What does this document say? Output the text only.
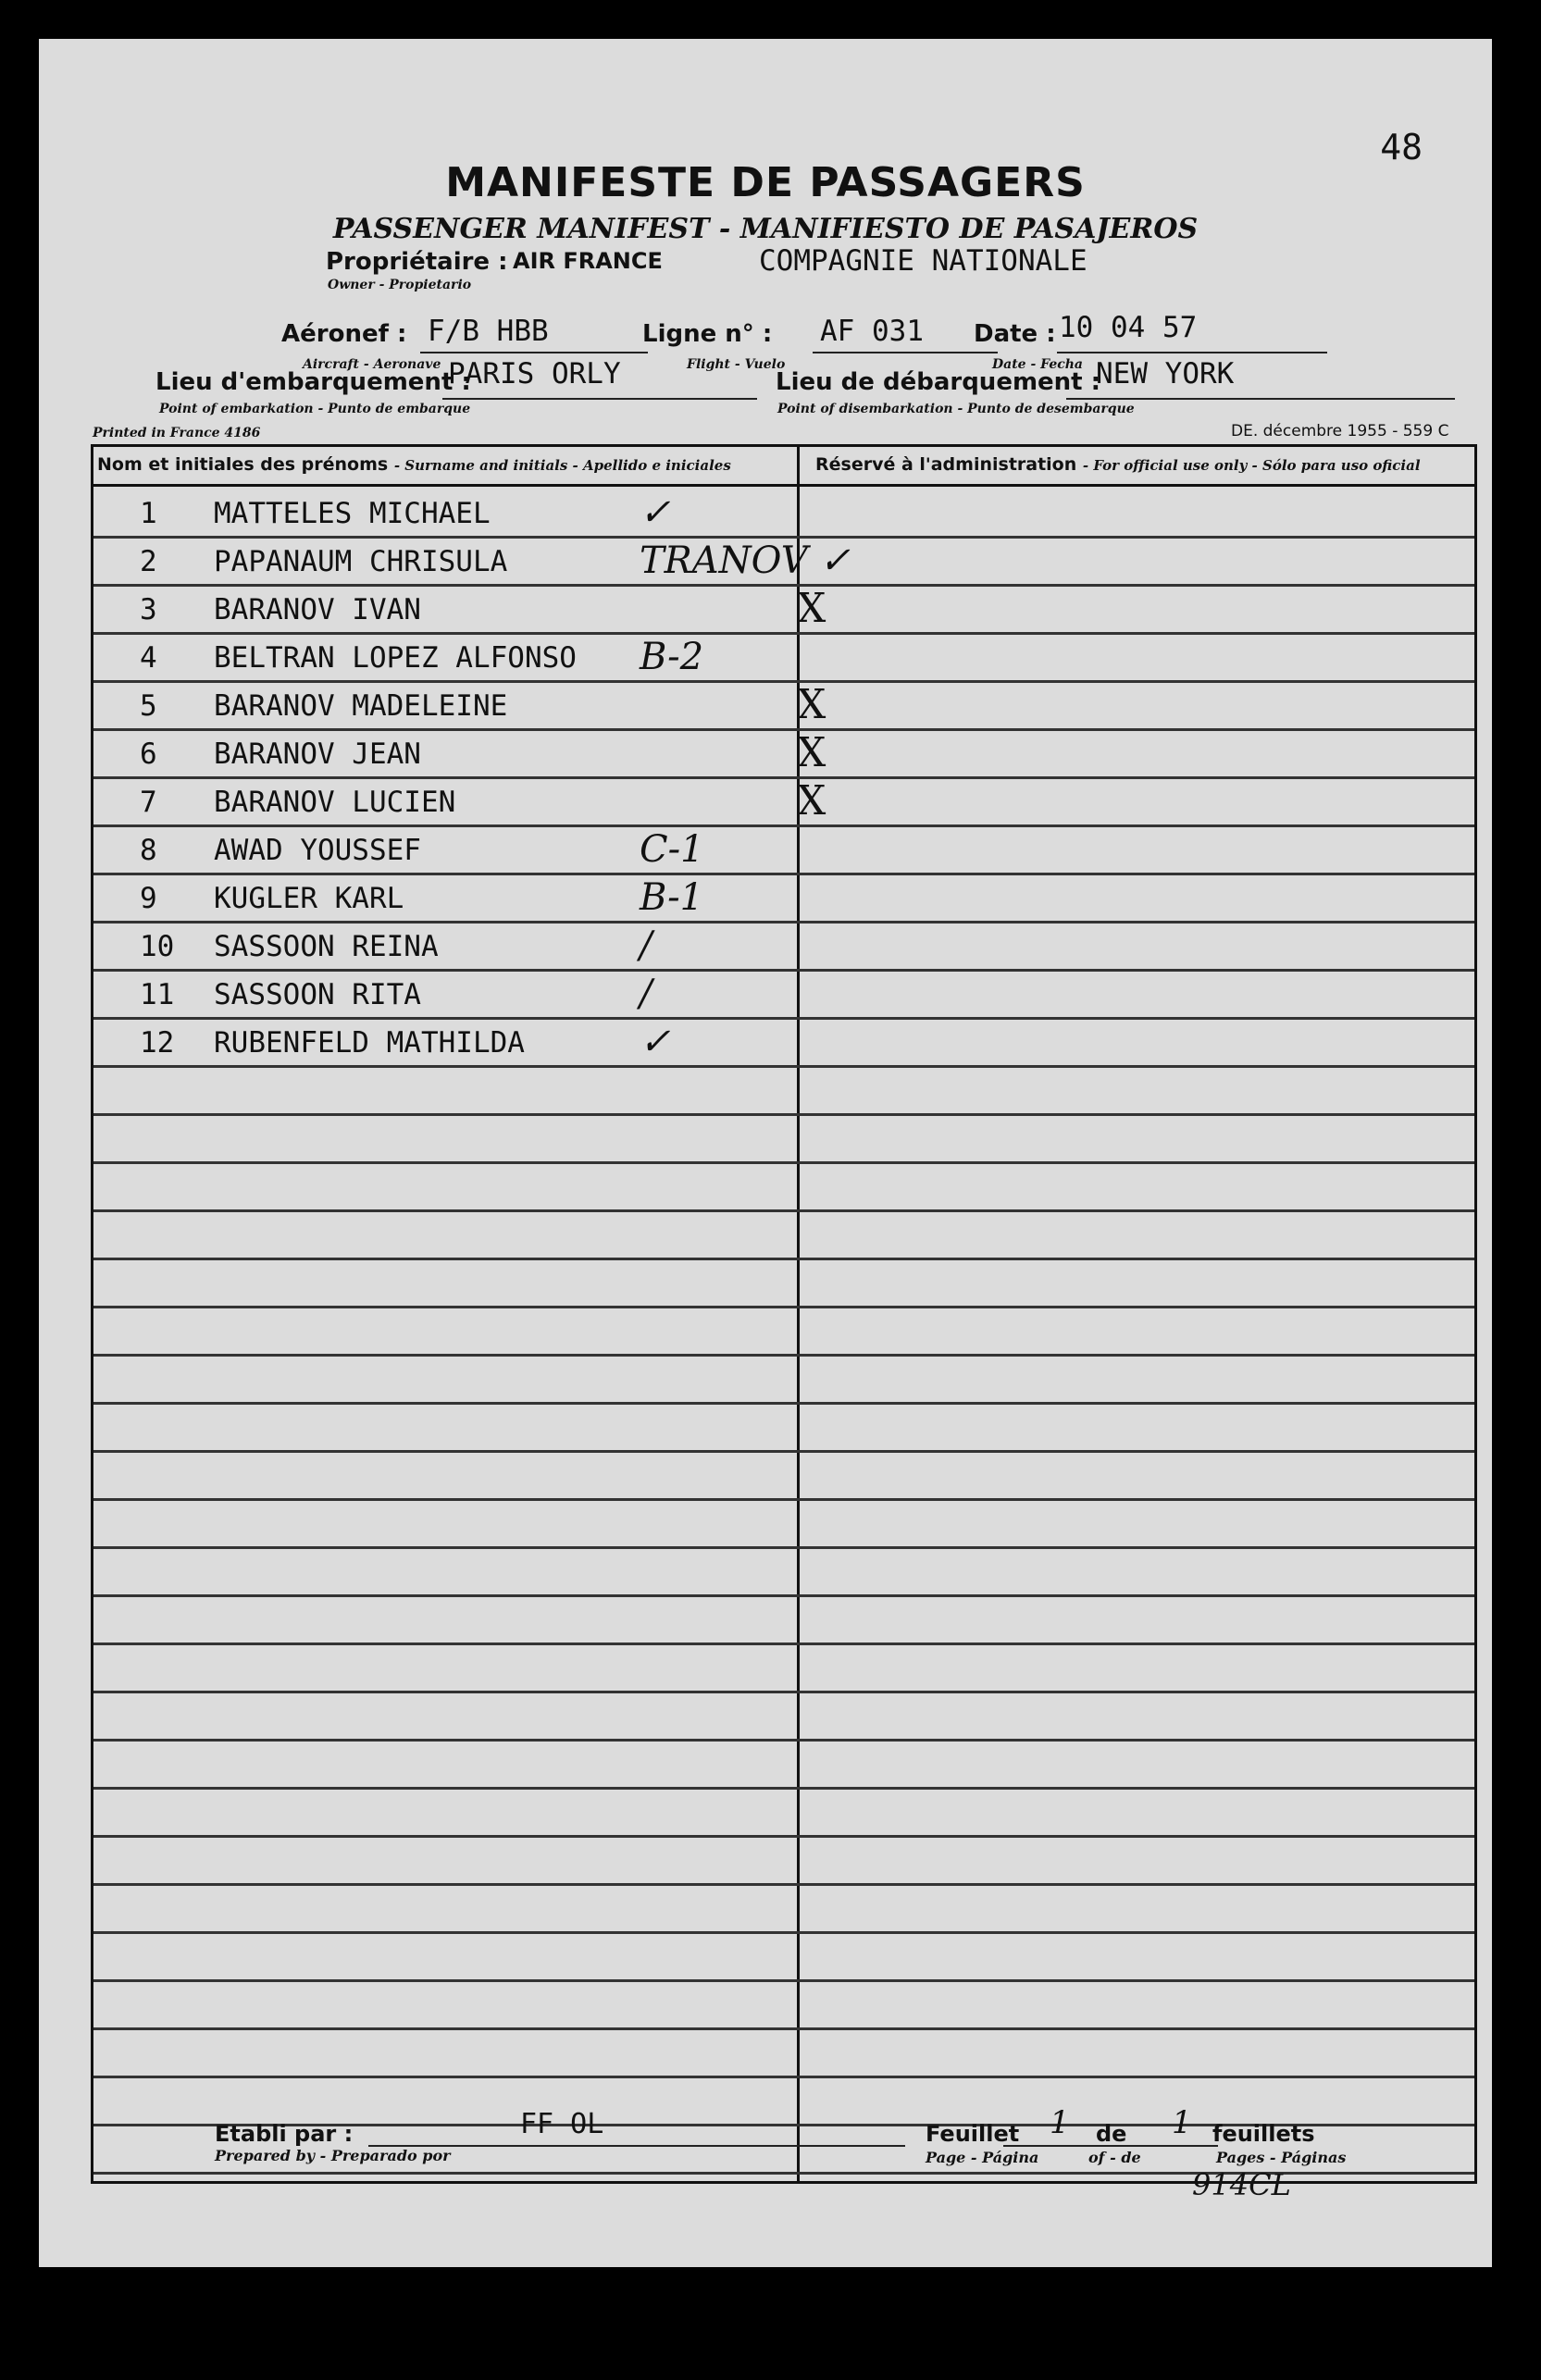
48
MANIFESTE DE PASSAGERS
PASSENGER MANIFEST - MANIFIESTO DE PASAJEROS
Propriétaire : AIR FRANCE	COMPAGNIE NATIONALE
Owner - Propietario
Aéronef : F/B HBB
Aircraft - Aeronave
Ligne n° : AF 031
Flight - Vuelo
Date : 10 04 57
Date - Fecha
Lieu d'embarquement :
PARIS ORLY
Point of embarkation - Punto de embarque
Lieu de débarquement :
NEW YORK
Point of disembarkation - Punto de desembarque
Printed in France 4186	DE. décembre 1955 - 559 C
Nom et initiales des prénoms - Surname and initials - Apellido e iniciales	Réservé à l'administration - For official use only - Sólo para uso oficial
1 MATTELES MICHAEL	✓
2 PAPANAUM CHRISULA	TRANOV ✓
3 BARANOV IVAN	X
4 BELTRAN LOPEZ ALFONSO B-2
5 BARANOV MADELEINE	X
6 BARANOV JEAN	X
7 BARANOV LUCIEN	X
8 AWAD YOUSSEF	C-1
9 KUGLER KARL	B-1
10 SASSOON REINA	/
11 SASSOON RITA	/
12 RUBENFELD MATHILDA	✓
Etabli par :	FF OL
Prepared by - Preparado por
Feuillet 1 de 1 feuillets
Page - Página	of - de	Pages - Páginas
914CL
